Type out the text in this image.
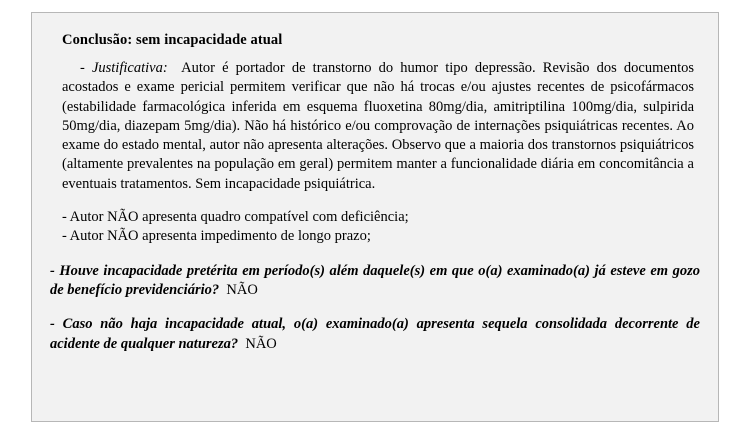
Conclusão: sem incapacidade atual

- Justificativa: Autor é portador de transtorno do humor tipo depressão. Revisão dos documentos acostados e exame pericial permitem verificar que não há trocas e/ou ajustes recentes de psicofármacos (estabilidade farmacológica inferida em esquema fluoxetina 80mg/dia, amitriptilina 100mg/dia, sulpirida 50mg/dia, diazepam 5mg/dia). Não há histórico e/ou comprovação de internações psiquiátricas recentes. Ao exame do estado mental, autor não apresenta alterações. Observo que a maioria dos transtornos psiquiátricos (altamente prevalentes na população em geral) permitem manter a funcionalidade diária em concomitância a eventuais tratamentos. Sem incapacidade psiquiátrica.

- Autor NÃO apresenta quadro compatível com deficiência;
- Autor NÃO apresenta impedimento de longo prazo;
- Houve incapacidade pretérita em período(s) além daquele(s) em que o(a) examinado(a) já esteve em gozo de benefício previdenciário? NÃO
- Caso não haja incapacidade atual, o(a) examinado(a) apresenta sequela consolidada decorrente de acidente de qualquer natureza? NÃO
